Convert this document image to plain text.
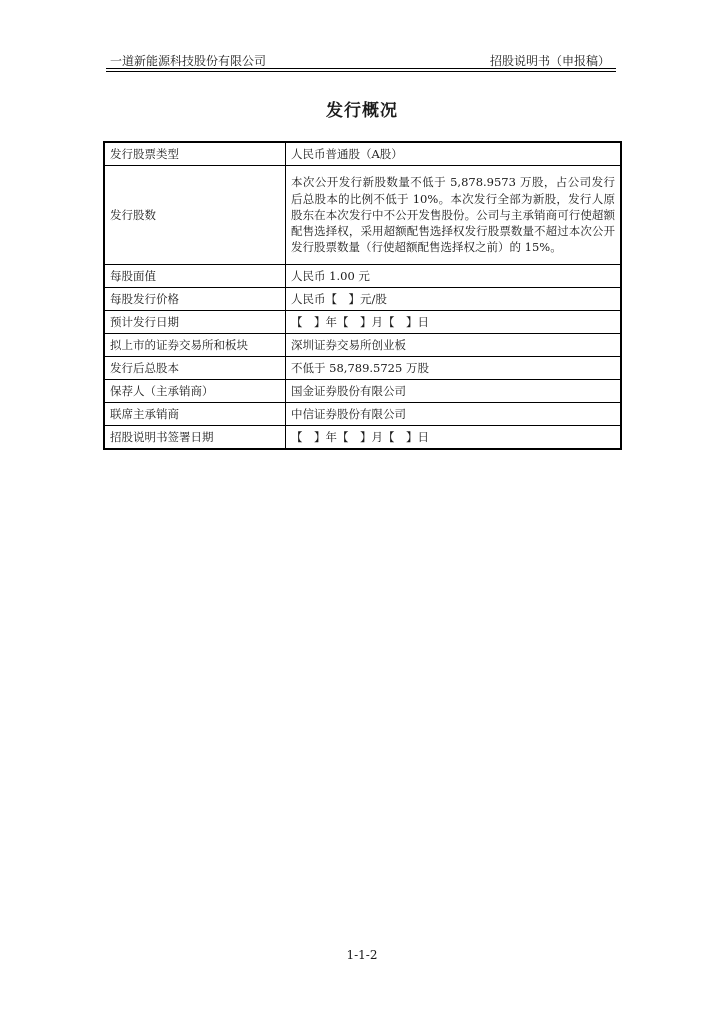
一道新能源科技股份有限公司	招股说明书（申报稿）
发行概况
发行股票类型	人民币普通股（A股）
发行股数	本次公开发行新股数量不低于 5,878.9573 万股，占公司发行后总股本的比例不低于 10%。本次发行全部为新股，发行人原股东在本次发行中不公开发售股份。公司与主承销商可行使超额配售选择权，采用超额配售选择权发行股票数量不超过本次公开发行股票数量（行使超额配售选择权之前）的 15%。
每股面值	人民币 1.00 元
每股发行价格	人民币【　】元/股
预计发行日期	【　】年【　】月【　】日
拟上市的证券交易所和板块	深圳证券交易所创业板
发行后总股本	不低于 58,789.5725 万股
保荐人（主承销商）	国金证券股份有限公司
联席主承销商	中信证券股份有限公司
招股说明书签署日期	【　】年【　】月【　】日
1-1-2
